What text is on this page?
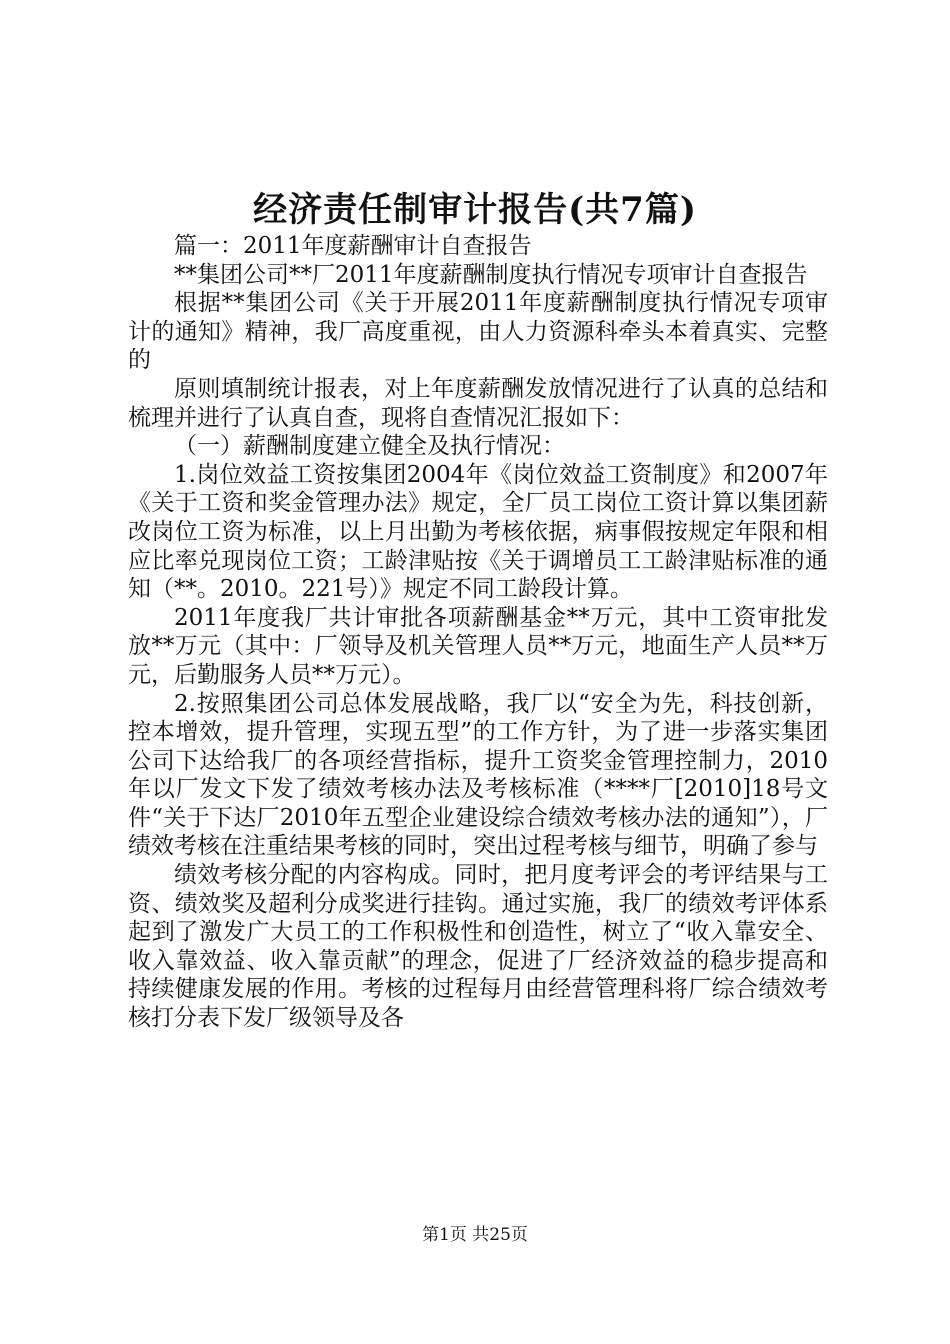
经济责任制审计报告(共7篇)

篇一：2011年度薪酬审计自查报告

**集团公司**厂2011年度薪酬制度执行情况专项审计自查报告

根据**集团公司《关于开展2011年度薪酬制度执行情况专项审计的通知》精神，我厂高度重视，由人力资源科牵头本着真实、完整的

原则填制统计报表，对上年度薪酬发放情况进行了认真的总结和梳理并进行了认真自查，现将自查情况汇报如下：

（一）薪酬制度建立健全及执行情况：

1.岗位效益工资按集团2004年《岗位效益工资制度》和2007年《关于工资和奖金管理办法》规定，全厂员工岗位工资计算以集团薪改岗位工资为标准，以上月出勤为考核依据，病事假按规定年限和相应比率兑现岗位工资；工龄津贴按《关于调增员工工龄津贴标准的通知（**。2010。221号）》规定不同工龄段计算。

2011年度我厂共计审批各项薪酬基金**万元，其中工资审批发放**万元（其中：厂领导及机关管理人员**万元，地面生产人员**万元，后勤服务人员**万元）。

2.按照集团公司总体发展战略，我厂以“安全为先，科技创新，控本增效，提升管理，实现五型”的工作方针，为了进一步落实集团公司下达给我厂的各项经营指标，提升工资奖金管理控制力，2010年以厂发文下发了绩效考核办法及考核标准（****厂[2010]18号文件“关于下达厂2010年五型企业建设综合绩效考核办法的通知”），厂绩效考核在注重结果考核的同时，突出过程考核与细节，明确了参与

绩效考核分配的内容构成。同时，把月度考评会的考评结果与工资、绩效奖及超利分成奖进行挂钩。通过实施，我厂的绩效考评体系起到了激发广大员工的工作积极性和创造性，树立了“收入靠安全、收入靠效益、收入靠贡献”的理念，促进了厂经济效益的稳步提高和持续健康发展的作用。考核的过程每月由经营管理科将厂综合绩效考核打分表下发厂级领导及各

第1页 共25页
